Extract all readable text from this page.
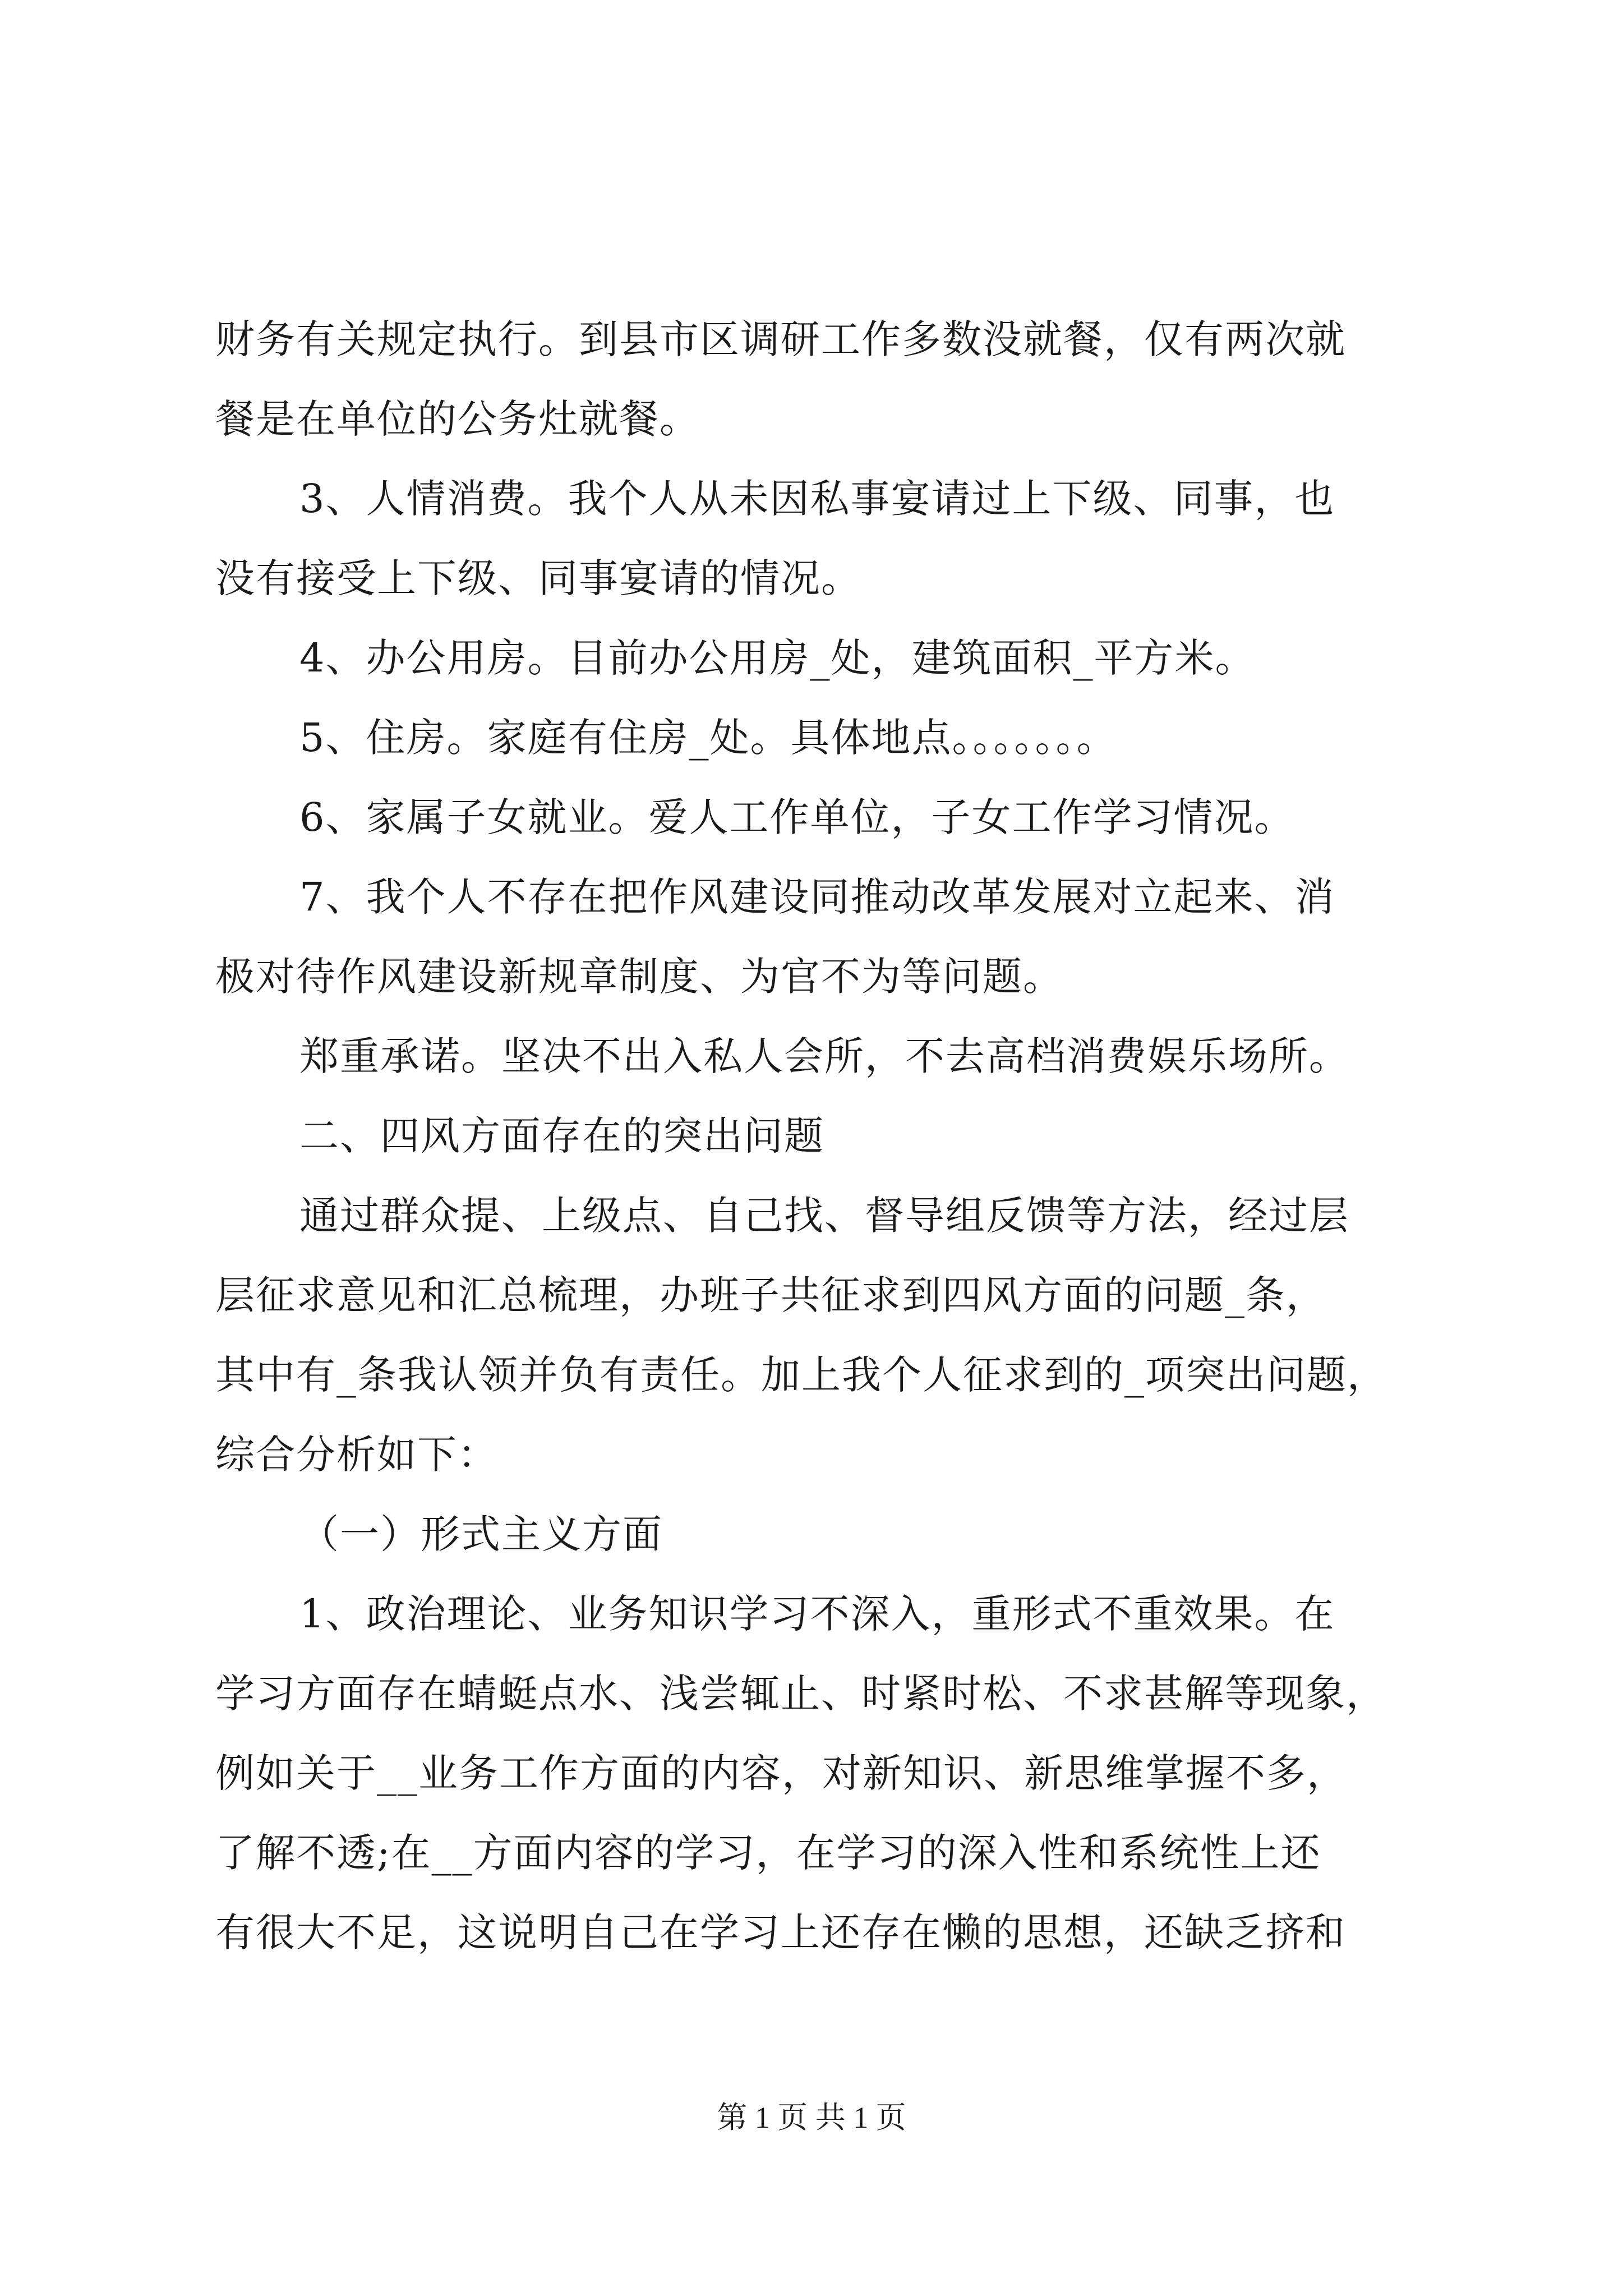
财务有关规定执行。到县市区调研工作多数没就餐，仅有两次就
餐是在单位的公务灶就餐。
3、人情消费。我个人从未因私事宴请过上下级、同事，也
没有接受上下级、同事宴请的情况。
4、办公用房。目前办公用房_处，建筑面积_平方米。
5、住房。家庭有住房_处。具体地点。。。。。。。
6、家属子女就业。爱人工作单位，子女工作学习情况。
7、我个人不存在把作风建设同推动改革发展对立起来、消
极对待作风建设新规章制度、为官不为等问题。
郑重承诺。坚决不出入私人会所，不去高档消费娱乐场所。
二、四风方面存在的突出问题
通过群众提、上级点、自己找、督导组反馈等方法，经过层
层征求意见和汇总梳理，办班子共征求到四风方面的问题_条，
其中有_条我认领并负有责任。加上我个人征求到的_项突出问题，
综合分析如下：
（一）形式主义方面
1、政治理论、业务知识学习不深入，重形式不重效果。在
学习方面存在蜻蜓点水、浅尝辄止、时紧时松、不求甚解等现象，
例如关于__业务工作方面的内容，对新知识、新思维掌握不多，
了解不透;在__方面内容的学习，在学习的深入性和系统性上还
有很大不足，这说明自己在学习上还存在懒的思想，还缺乏挤和
第 1 页 共 1 页
